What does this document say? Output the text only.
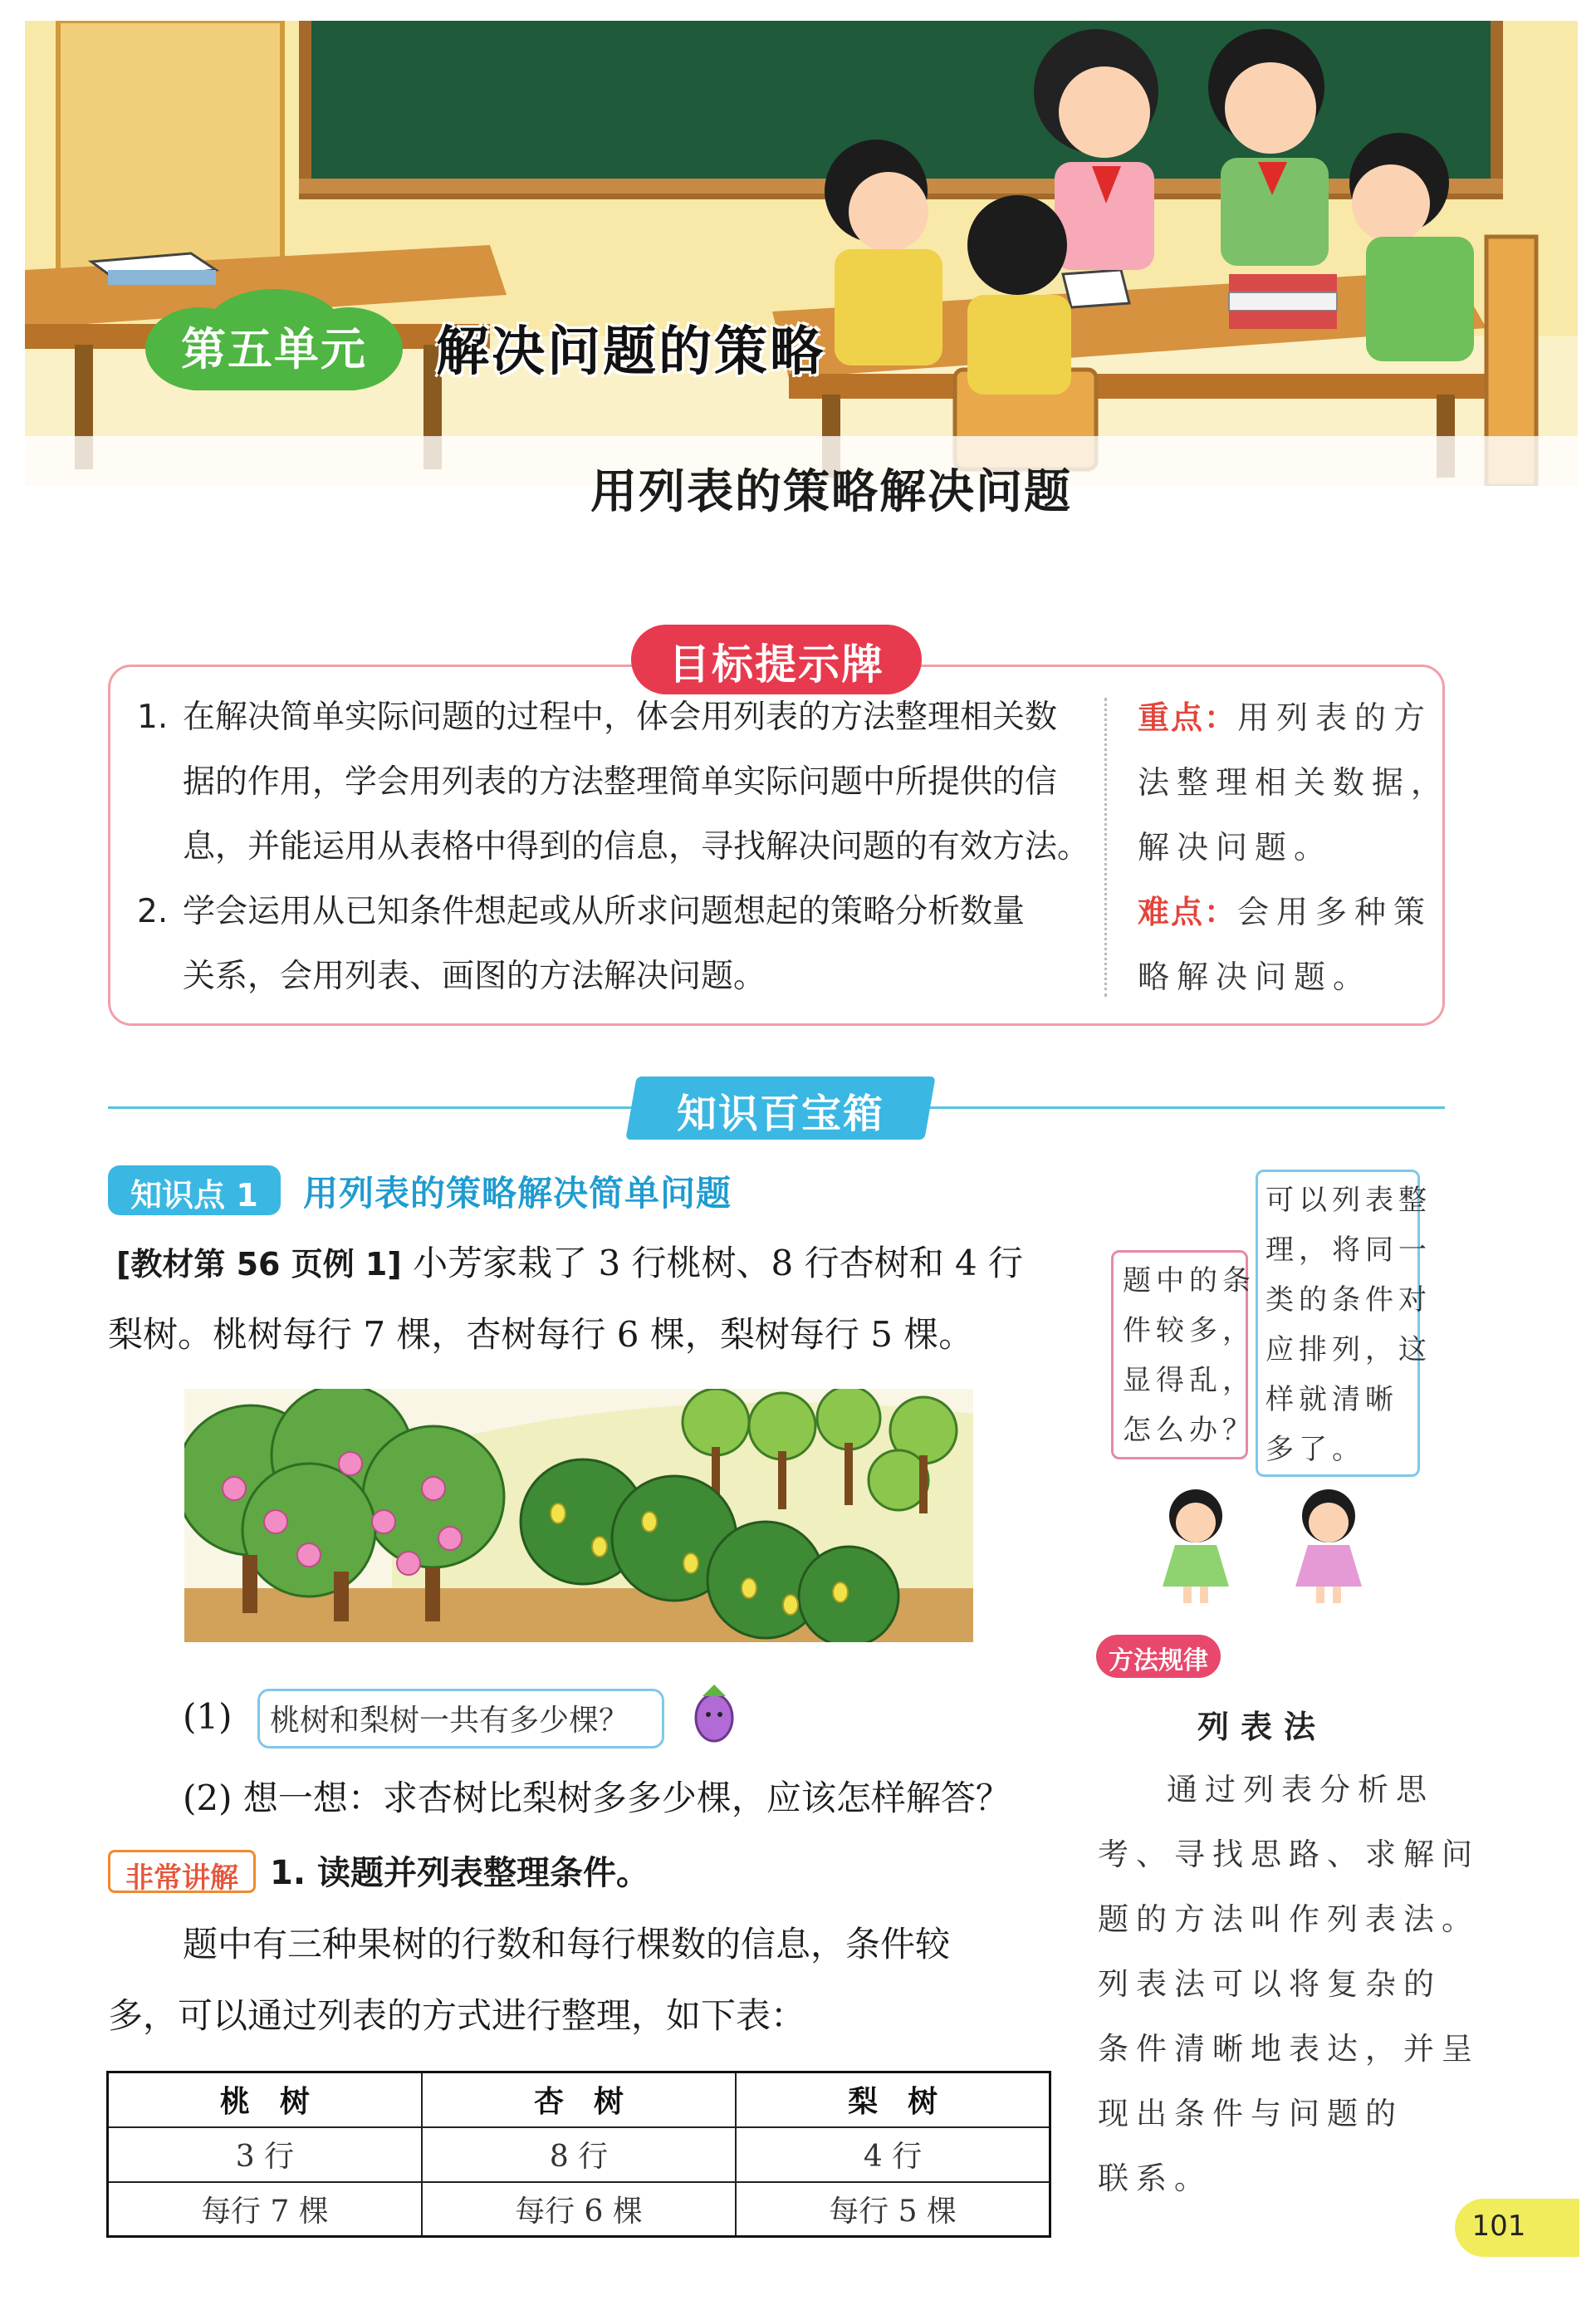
第五单元	解决问题的策略
用列表的策略解决问题
目标提示牌
1. 在解决简单实际问题的过程中，体会用列表的方法整理相关数
据的作用，学会用列表的方法整理简单实际问题中所提供的信
息，并能运用从表格中得到的信息，寻找解决问题的有效方法。
2. 学会运用从已知条件想起或从所求问题想起的策略分析数量
关系，会用列表、画图的方法解决问题。
重点：用列表的方
法整理相关数据，
解决问题。
难点：会用多种策
略解决问题。
知识百宝箱
知识点 1	用列表的策略解决简单问题
[教材第 56 页例 1] 小芳家栽了 3 行桃树、8 行杏树和 4 行
梨树。桃树每行 7 棵，杏树每行 6 棵，梨树每行 5 棵。
(1) 桃树和梨树一共有多少棵？
(2) 想一想：求杏树比梨树多多少棵，应该怎样解答？
非常讲解 1. 读题并列表整理条件。
题中有三种果树的行数和每行棵数的信息，条件较
多，可以通过列表的方式进行整理，如下表：
桃　树	杏　树	梨　树
3 行	8 行	4 行
每行 7 棵	每行 6 棵	每行 5 棵
题中的条
件较多，
显得乱，
怎么办？
可以列表整
理，将同一
类的条件对
应排列，这
样就清晰
多了。
方法规律
列表法
通过列表分析思
考、寻找思路、求解问
题的方法叫作列表法。
列表法可以将复杂的
条件清晰地表达，并呈
现出条件与问题的
联系。
101
